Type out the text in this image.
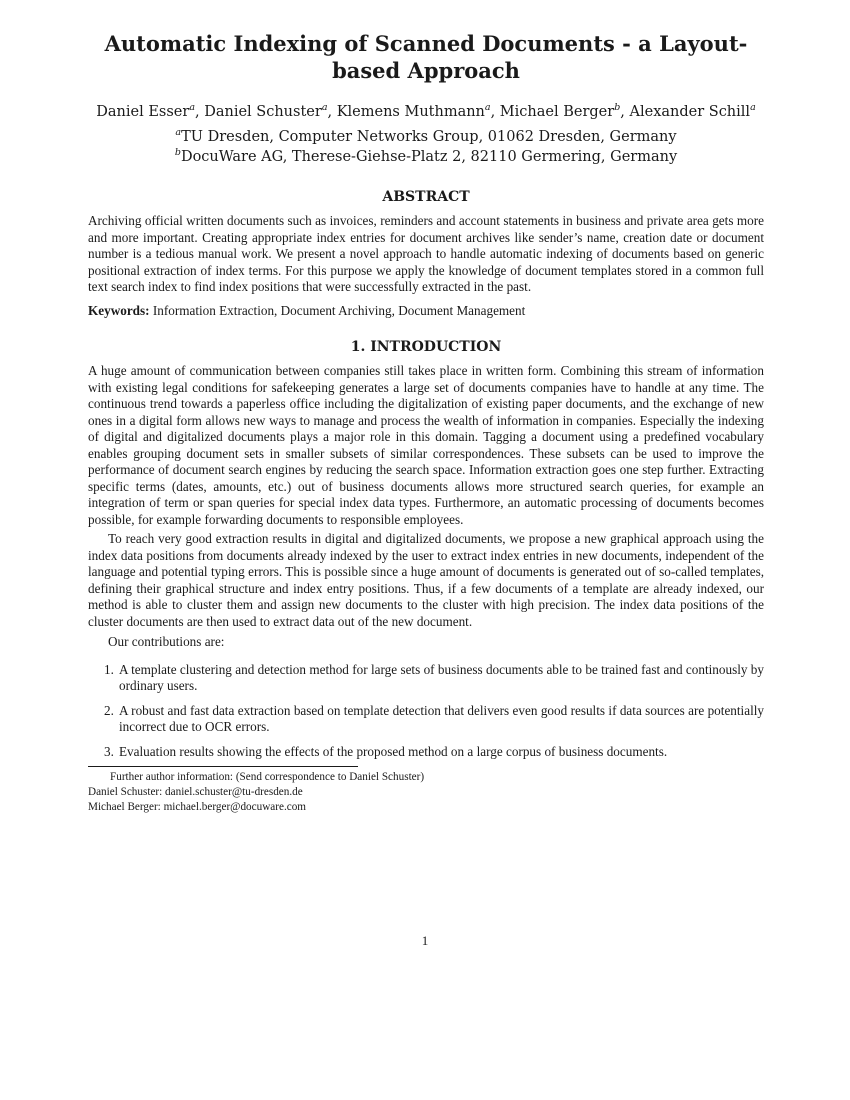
Automatic Indexing of Scanned Documents - a Layout-based Approach
Daniel Esser$^a$, Daniel Schuster$^a$, Klemens Muthmann$^a$, Michael Berger$^b$, Alexander Schill$^a$
$^a$TU Dresden, Computer Networks Group, 01062 Dresden, Germany
$^b$DocuWare AG, Therese-Giehse-Platz 2, 82110 Germering, Germany
ABSTRACT

Archiving official written documents such as invoices, reminders and account statements in business and private area gets more and more important. Creating appropriate index entries for document archives like sender’s name, creation date or document number is a tedious manual work. We present a novel approach to handle automatic indexing of documents based on generic positional extraction of index terms. For this purpose we apply the knowledge of document templates stored in a common full text search index to find index positions that were successfully extracted in the past.

Keywords: Information Extraction, Document Archiving, Document Management

1. INTRODUCTION

A huge amount of communication between companies still takes place in written form. Combining this stream of information with existing legal conditions for safekeeping generates a large set of documents companies have to handle at any time. The continuous trend towards a paperless office including the digitalization of existing paper documents, and the exchange of new ones in a digital form allows new ways to manage and process the wealth of information in companies. Especially the indexing of digital and digitalized documents plays a major role in this domain. Tagging a document using a predefined vocabulary enables grouping document sets in smaller subsets of similar correspondences. These subsets can be used to improve the performance of document search engines by reducing the search space. Information extraction goes one step further. Extracting specific terms (dates, amounts, etc.) out of business documents allows more structured search queries, for example an integration of term or span queries for special index data types. Furthermore, an automatic processing of documents becomes possible, for example forwarding documents to responsible employees.

To reach very good extraction results in digital and digitalized documents, we propose a new graphical approach using the index data positions from documents already indexed by the user to extract index entries in new documents, independent of the language and potential typing errors. This is possible since a huge amount of documents is generated out of so-called templates, defining their graphical structure and index entry positions. Thus, if a few documents of a template are already indexed, our method is able to cluster them and assign new documents to the cluster with high precision. The index data positions of the cluster documents are then used to extract data out of the new document.

Our contributions are:

1. A template clustering and detection method for large sets of business documents able to be trained fast and continously by ordinary users.
2. A robust and fast data extraction based on template detection that delivers even good results if data sources are potentially incorrect due to OCR errors.
3. Evaluation results showing the effects of the proposed method on a large corpus of business documents.
Further author information: (Send correspondence to Daniel Schuster)
Daniel Schuster: daniel.schuster@tu-dresden.de
Michael Berger: michael.berger@docuware.com
1
